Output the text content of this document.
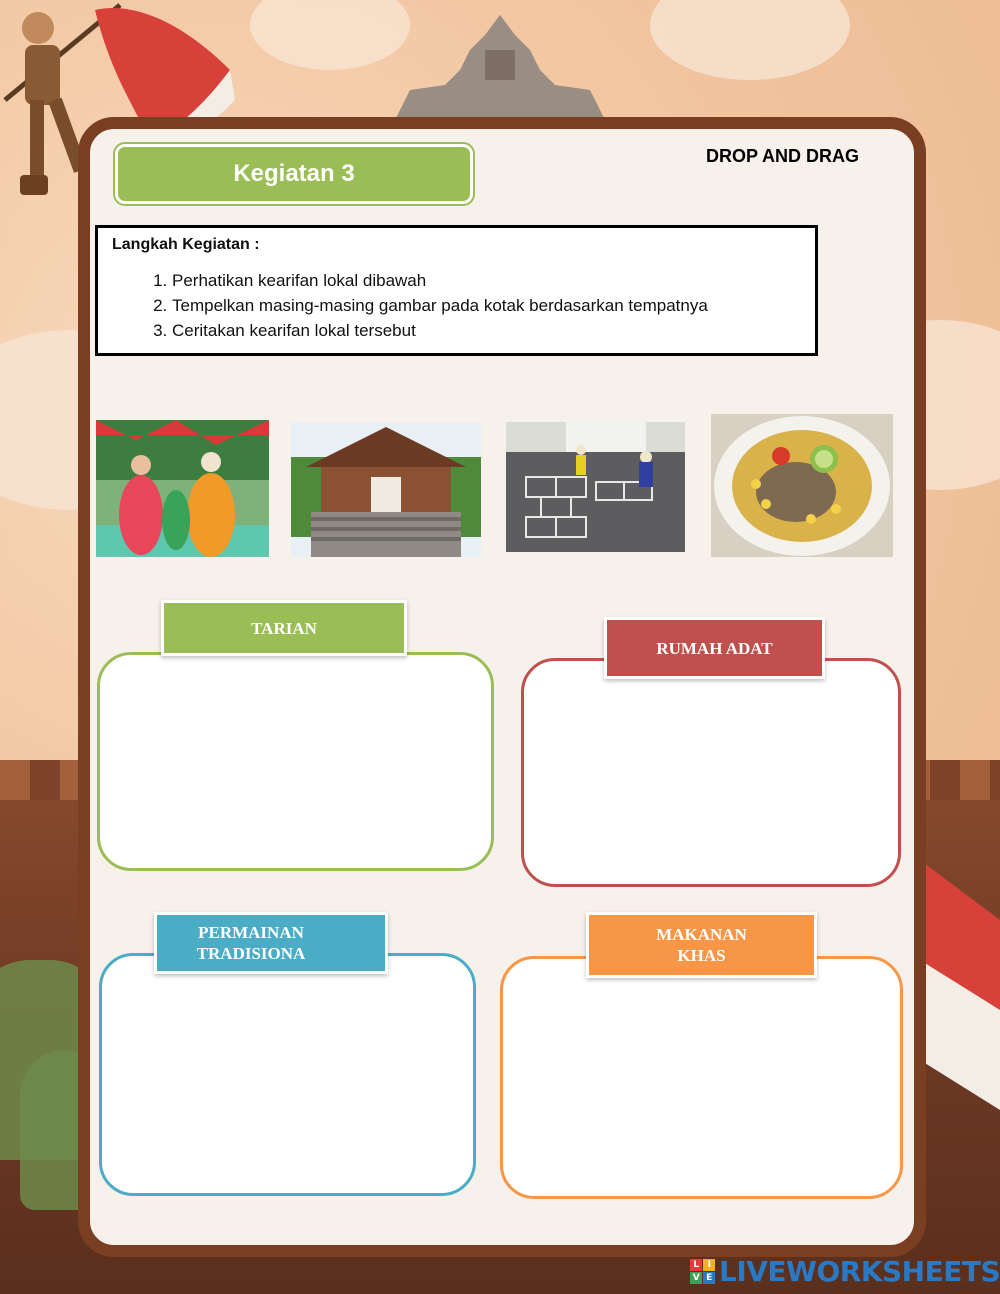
Kegiatan 3
DROP AND DRAG
Langkah Kegiatan :
1. Perhatikan kearifan lokal dibawah
2. Tempelkan masing-masing gambar pada kotak berdasarkan tempatnya
3. Ceritakan kearifan lokal tersebut
TARIAN
RUMAH ADAT
PERMAINAN TRADISIONA
MAKANAN KHAS
L I
V E LIVEWORKSHEETS
